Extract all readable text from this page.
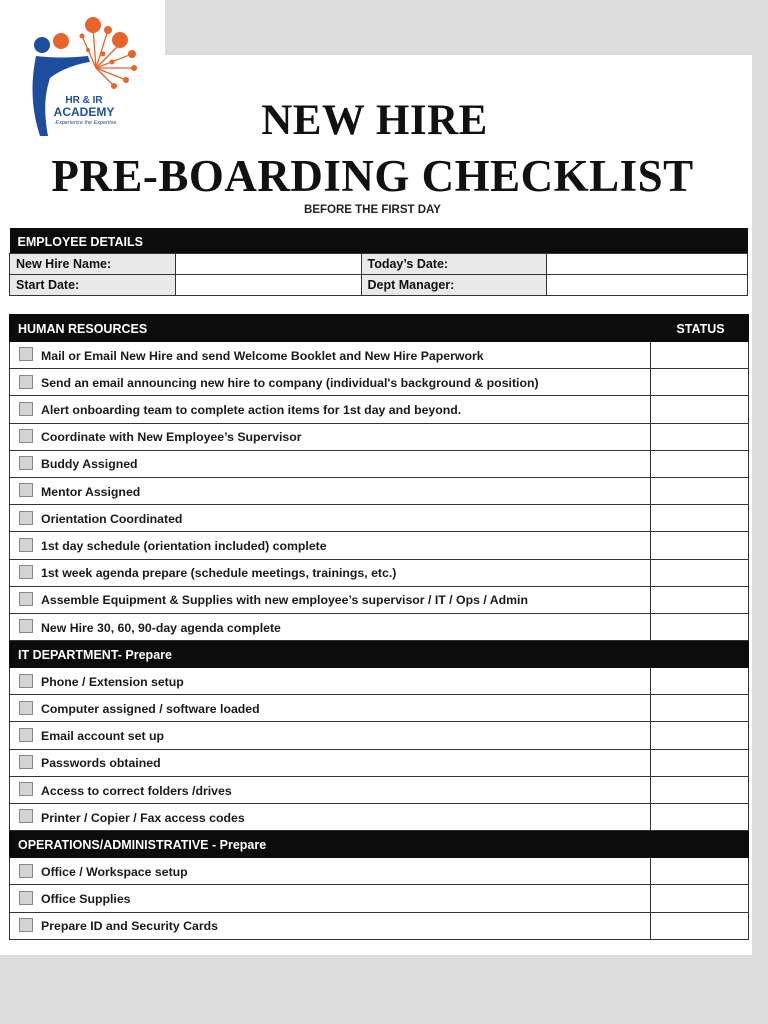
HR & IR
ACADEMY
Experience the Expertise	NEW HIRE
PRE-BOARDING CHECKLIST
BEFORE THE FIRST DAY
EMPLOYEE DETAILS			
New Hire Name:		Today’s Date:	
Start Date:		Dept Manager:	
HUMAN RESOURCES	STATUS
Mail or Email New Hire and send Welcome Booklet and New Hire Paperwork	
Send an email announcing new hire to company (individual's background & position)	
Alert onboarding team to complete action items for 1st day and beyond.	
Coordinate with New Employee’s Supervisor	
Buddy Assigned	
Mentor Assigned	
Orientation Coordinated	
1st day schedule (orientation included) complete	
1st week agenda prepare (schedule meetings, trainings, etc.)	
Assemble Equipment & Supplies with new employee’s supervisor / IT / Ops / Admin	
New Hire 30, 60, 90-day agenda complete	
IT DEPARTMENT- Prepare	
Phone / Extension setup	
Computer assigned / software loaded	
Email account set up	
Passwords obtained	
Access to correct folders /drives	
Printer / Copier / Fax access codes	
OPERATIONS/ADMINISTRATIVE - Prepare	
Office / Workspace setup	
Office Supplies	
Prepare ID and Security Cards	
